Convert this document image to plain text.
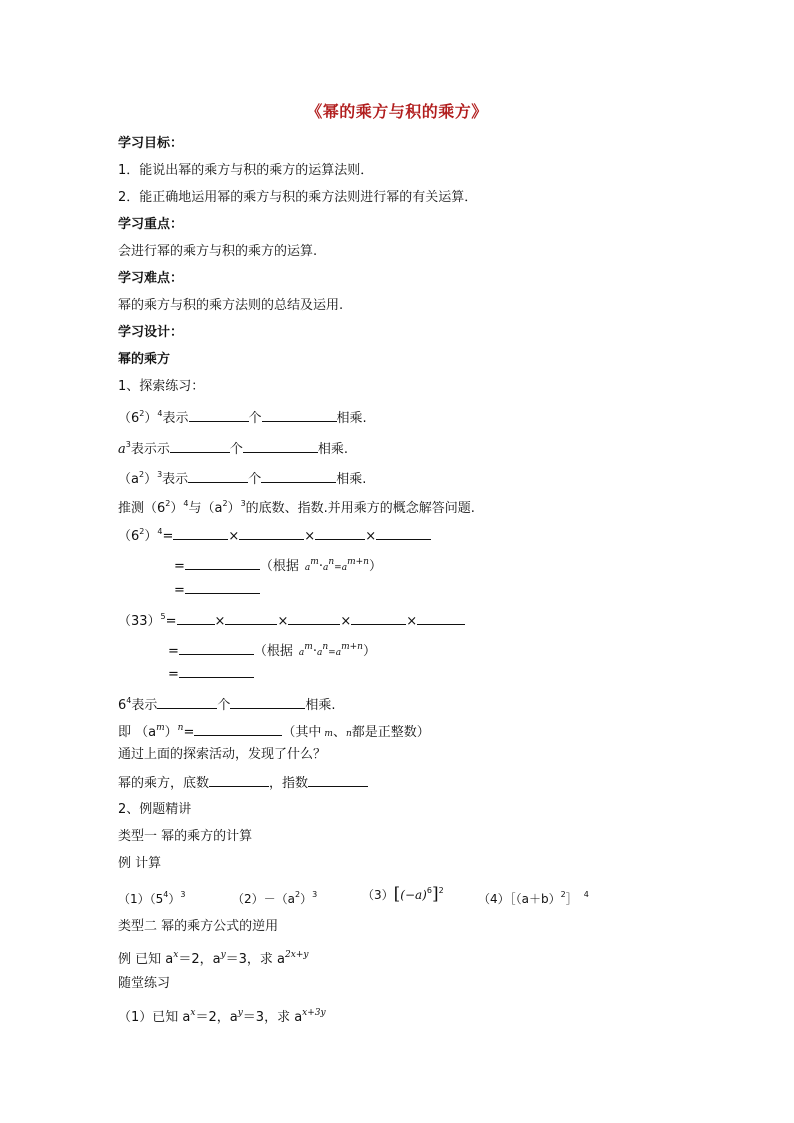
《幂的乘方与积的乘方》
学习目标：
1．能说出幂的乘方与积的乘方的运算法则．
2．能正确地运用幂的乘方与积的乘方法则进行幂的有关运算．
学习重点：
会进行幂的乘方与积的乘方的运算.
学习难点：
幂的乘方与积的乘方法则的总结及运用.
学习设计：
幂的乘方
1、探索练习：
$(6^2)^4$表示	个	相乘.
$a^3$表示示	个	相乘.
$(a^2)^3$表示	个	相乘.
推测$(6^2)^4$与$(a^2)^3$的底数、指数.并用乘方的概念解答问题.
$(6^2)^4=$	×	×	×
=	（根据 $a^m\cdot a^n=a^{m+n}$）
=
$(33)^5=$	×	×	×	×
=	（根据 $a^m\cdot a^n=a^{m+n}$）
=
$6^4$表示	个	相乘.
即 $(a^m)^n=$	（其中 m、n都是正整数）
通过上面的探索活动，发现了什么？
幂的乘方，底数	，指数
2、例题精讲
类型一 幂的乘方的计算
例 计算
$(1)(5^4)^3$	$(2)-(a^2)^3$	$(3)[(-a)^6]^2$
$(4)[(a+b)^2]$ $^4$
类型二 幂的乘方公式的逆用
例 已知 $a^x=2$，$a^y=3$，求 $a^{2x+y}$
随堂练习
（1）已知 $a^x=2$，$a^y=3$，求 $a^{x+3y}$
